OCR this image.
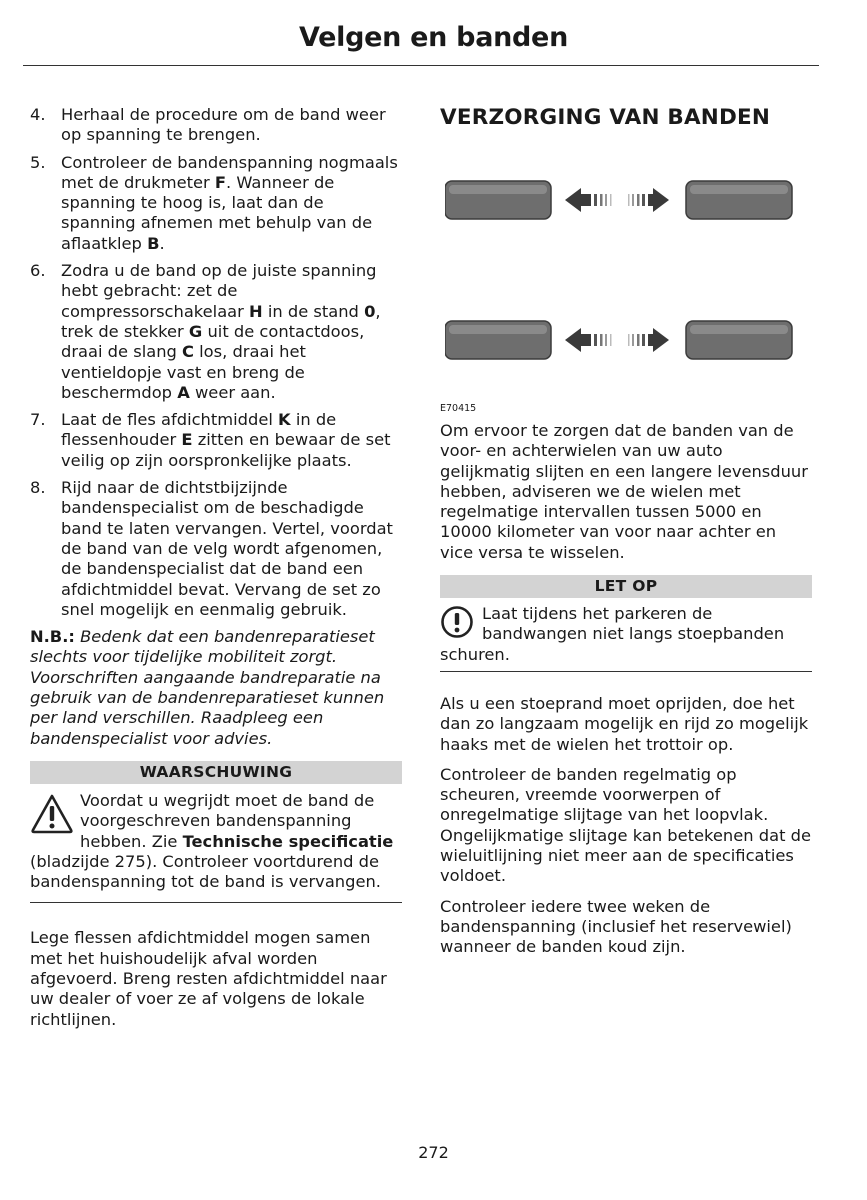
Velgen en banden
4. Herhaal de procedure om de band weer op spanning te brengen.
5. Controleer de bandenspanning nogmaals met de drukmeter F. Wanneer de spanning te hoog is, laat dan de spanning afnemen met behulp van de aflaatklep B.
6. Zodra u de band op de juiste spanning hebt gebracht: zet de compressorschakelaar H in de stand 0, trek de stekker G uit de contactdoos, draai de slang C los, draai het ventieldopje vast en breng de beschermdop A weer aan.
7. Laat de fles afdichtmiddel K in de flessenhouder E zitten en bewaar de set veilig op zijn oorspronkelijke plaats.
8. Rijd naar de dichtstbijzijnde bandenspecialist om de beschadigde band te laten vervangen. Vertel, voordat de band van de velg wordt afgenomen, de bandenspecialist dat de band een afdichtmiddel bevat. Vervang de set zo snel mogelijk en eenmalig gebruik.
N.B.: Bedenk dat een bandenreparatieset slechts voor tijdelijke mobiliteit zorgt. Voorschriften aangaande bandreparatie na gebruik van de bandenreparatieset kunnen per land verschillen. Raadpleeg een bandenspecialist voor advies.
WAARSCHUWING
Voordat u wegrijdt moet de band de voorgeschreven bandenspanning hebben. Zie Technische specificatie (bladzijde 275). Controleer voortdurend de bandenspanning tot de band is vervangen.

Lege flessen afdichtmiddel mogen samen met het huishoudelijk afval worden afgevoerd. Breng resten afdichtmiddel naar uw dealer of voer ze af volgens de lokale richtlijnen.

VERZORGING VAN BANDEN
E70415

Om ervoor te zorgen dat de banden van de voor- en achterwielen van uw auto gelijkmatig slijten en een langere levensduur hebben, adviseren we de wielen met regelmatige intervallen tussen 5000 en 10000 kilometer van voor naar achter en vice versa te wisselen.

LET OP
Laat tijdens het parkeren de bandwangen niet langs stoepbanden schuren.

Als u een stoeprand moet oprijden, doe het dan zo langzaam mogelijk en rijd zo mogelijk haaks met de wielen het trottoir op.

Controleer de banden regelmatig op scheuren, vreemde voorwerpen of onregelmatige slijtage van het loopvlak. Ongelijkmatige slijtage kan betekenen dat de wieluitlijning niet meer aan de specificaties voldoet.

Controleer iedere twee weken de bandenspanning (inclusief het reservewiel) wanneer de banden koud zijn.

272
